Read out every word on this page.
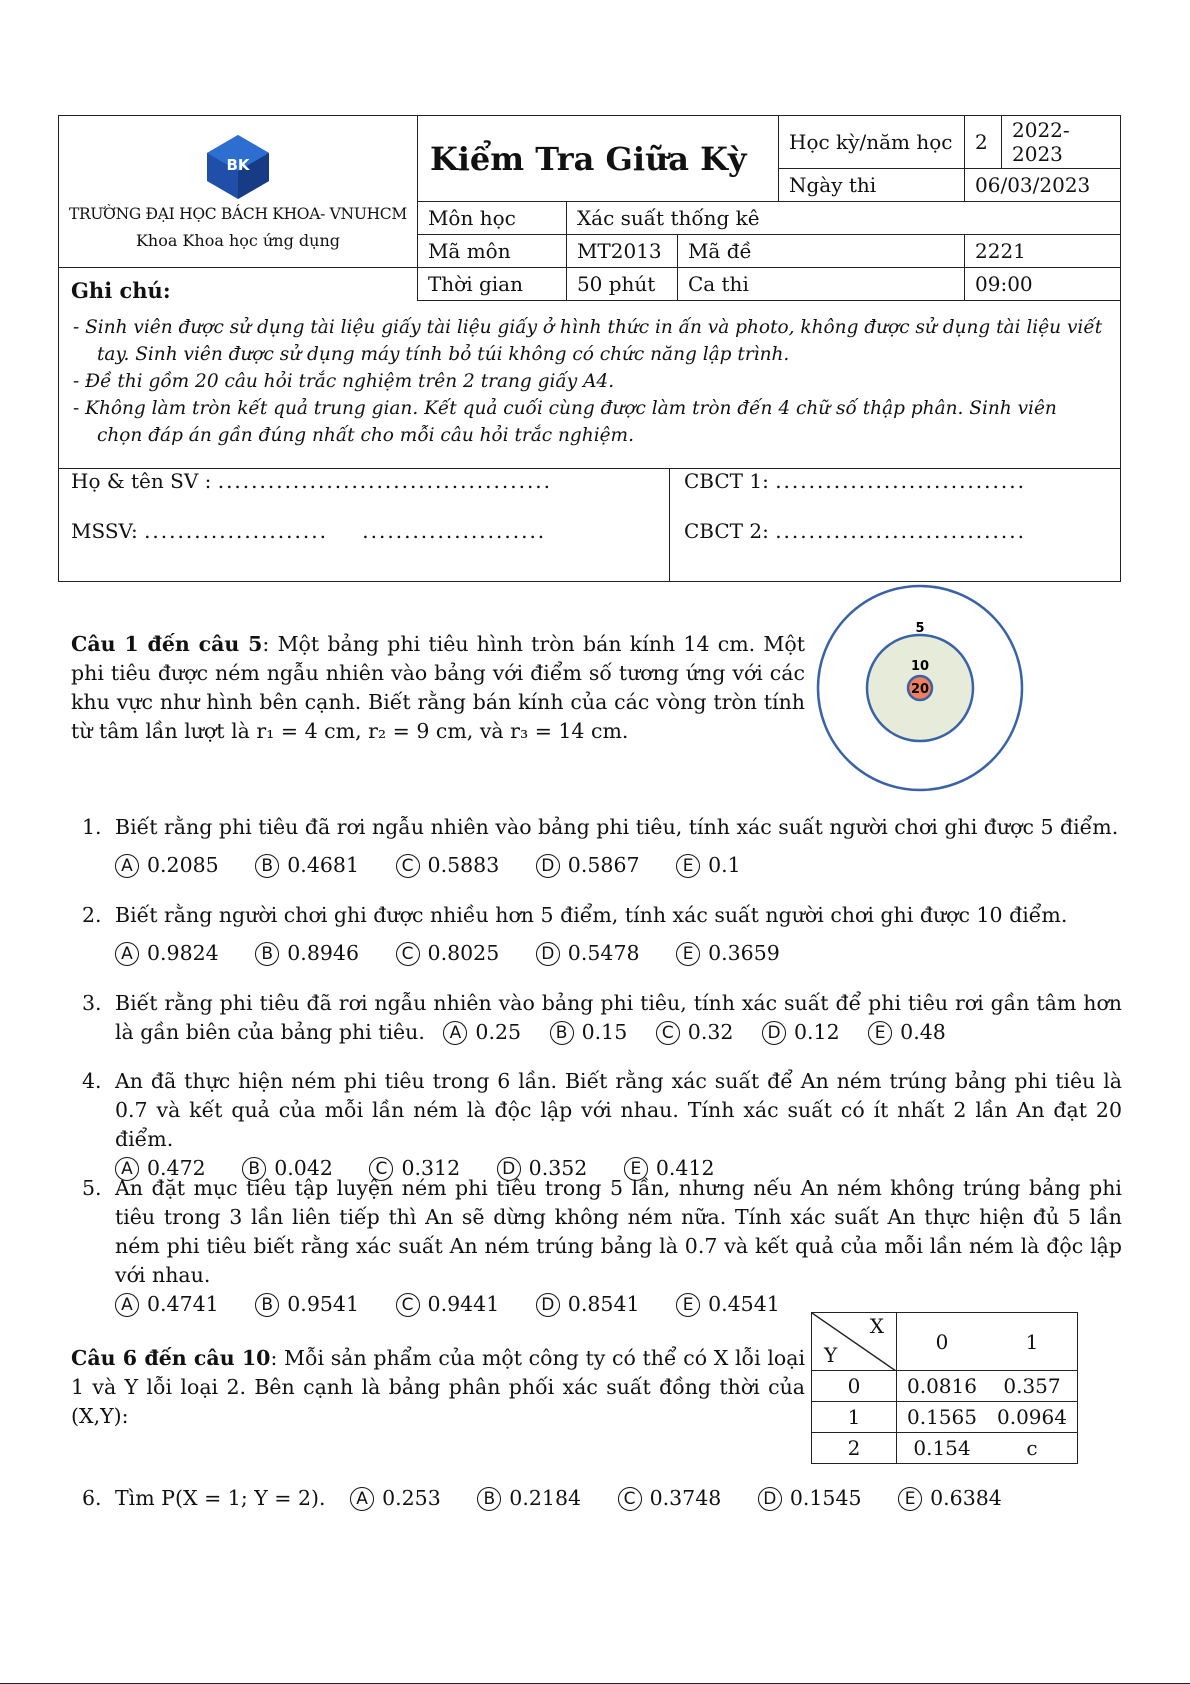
BK
TRƯỜNG ĐẠI HỌC BÁCH KHOA- VNUHCM
Khoa Khoa học ứng dụng	Kiểm Tra Giữa Kỳ			Học kỳ/năm học	2	2022-2023
				Ngày thi	06/03/2023	
	Môn học	Xác suất thống kê				
	Mã môn	MT2013	Mã đề		2221	
	Thời gian	50 phút	Ca thi		09:00	
Ghi chú:
- Sinh viên được sử dụng tài liệu giấy tài liệu giấy ở hình thức in ấn và photo, không được sử dụng tài liệu viết tay. Sinh viên được sử dụng máy tính bỏ túi không có chức năng lập trình.
- Đề thi gồm 20 câu hỏi trắc nghiệm trên 2 trang giấy A4.
- Không làm tròn kết quả trung gian. Kết quả cuối cùng được làm tròn đến 4 chữ số thập phân. Sinh viên chọn đáp án gần đúng nhất cho mỗi câu hỏi trắc nghiệm.
Họ & tên SV : ........................................
MSSV: ...................... ......................
CBCT 1: ..............................
CBCT 2: ..............................
Câu 1 đến câu 5: Một bảng phi tiêu hình tròn bán kính 14 cm. Một phi tiêu được ném ngẫu nhiên vào bảng với điểm số tương ứng với các khu vực như hình bên cạnh. Biết rằng bán kính của các vòng tròn tính từ tâm lần lượt là r₁ = 4 cm, r₂ = 9 cm, và r₃ = 14 cm.
5
10
20
1. Biết rằng phi tiêu đã rơi ngẫu nhiên vào bảng phi tiêu, tính xác suất người chơi ghi được 5 điểm.
A 0.2085	B 0.4681	C 0.5883 D 0.5867	E 0.1
2. Biết rằng người chơi ghi được nhiều hơn 5 điểm, tính xác suất người chơi ghi được 10 điểm.
A 0.9824	B 0.8946	C 0.8025 D 0.5478	E 0.3659
3. Biết rằng phi tiêu đã rơi ngẫu nhiên vào bảng phi tiêu, tính xác suất để phi tiêu rơi gần tâm hơn là gần biên của bảng phi tiêu. A 0.25 B 0.15 C 0.32 D 0.12 E 0.48
4. An đã thực hiện ném phi tiêu trong 6 lần. Biết rằng xác suất để An ném trúng bảng phi tiêu là 0.7 và kết quả của mỗi lần ném là độc lập với nhau. Tính xác suất có ít nhất 2 lần An đạt 20 điểm.
A 0.472	B 0.042	C 0.312 D 0.352	E 0.412
5. An đặt mục tiêu tập luyện ném phi tiêu trong 5 lần, nhưng nếu An ném không trúng bảng phi tiêu trong 3 lần liên tiếp thì An sẽ dừng không ném nữa. Tính xác suất An thực hiện đủ 5 lần ném phi tiêu biết rằng xác suất An ném trúng bảng là 0.7 và kết quả của mỗi lần ném là độc lập với nhau.
A 0.4741	B 0.9541	C 0.9441 D 0.8541	E 0.4541
Câu 6 đến câu 10: Mỗi sản phẩm của một công ty có thể có X lỗi loại 1 và Y lỗi loại 2. Bên cạnh là bảng phân phối xác suất đồng thời của (X,Y):
X
Y	0	1
0	0.0816	0.357
1	0.1565	0.0964
2	0.154	c
6. Tìm P(X = 1; Y = 2). A 0.253	B 0.2184	C 0.3748 D 0.1545	E 0.6384
